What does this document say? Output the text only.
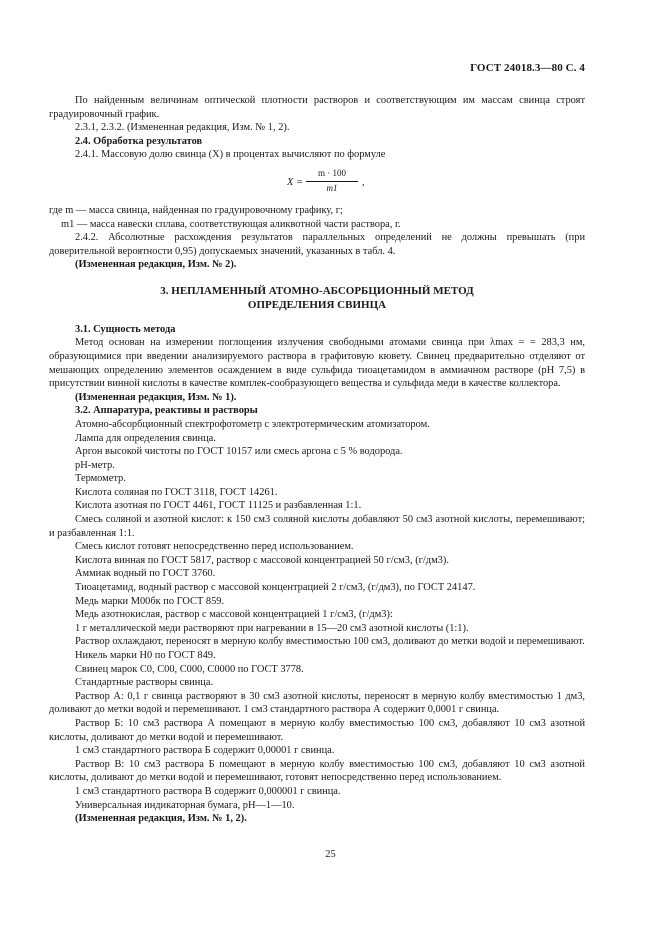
ГОСТ 24018.3—80 С. 4

По найденным величинам оптической плотности растворов и соответствующим им массам свинца строят градуировочный график.

2.3.1, 2.3.2. (Измененная редакция, Изм. № 1, 2).

2.4. Обработка результатов

2.4.1. Массовую долю свинца (X) в процентах вычисляют по формуле

X =
m · 100
m1	,

где m — масса свинца, найденная по градуировочному графику, г;

m1 — масса навески сплава, соответствующая аликвотной части раствора, г.

2.4.2. Абсолютные расхождения результатов параллельных определений не должны превышать (при доверительной вероятности 0,95) допускаемых значений, указанных в табл. 4.

(Измененная редакция, Изм. № 2).

3. НЕПЛАМЕННЫЙ АТОМНО-АБСОРБЦИОННЫЙ МЕТОД
ОПРЕДЕЛЕНИЯ СВИНЦА

3.1. Сущность метода

Метод основан на измерении поглощения излучения свободными атомами свинца при λmax = = 283,3 нм, образующимися при введении анализируемого раствора в графитовую кювету. Свинец предварительно отделяют от мешающих определению элементов осаждением в виде сульфида тиоацетамидом в аммиачном растворе (pH 7,5) в присутствии винной кислоты в качестве комплек-сообразующего вещества и сульфида меди в качестве коллектора.

(Измененная редакция, Изм. № 1).

3.2. Аппаратура, реактивы и растворы

Атомно-абсорбционный спектрофотометр с электротермическим атомизатором.

Лампа для определения свинца.

Аргон высокой чистоты по ГОСТ 10157 или смесь аргона с 5 % водорода.

pH-метр.

Термометр.

Кислота соляная по ГОСТ 3118, ГОСТ 14261.

Кислота азотная по ГОСТ 4461, ГОСТ 11125 и разбавленная 1:1.

Смесь соляной и азотной кислот: к 150 см3 соляной кислоты добавляют 50 см3 азотной кислоты, перемешивают; и разбавленная 1:1.

Смесь кислот готовят непосредственно перед использованием.

Кислота винная по ГОСТ 5817, раствор с массовой концентрацией 50 г/см3, (г/дм3).

Аммиак водный по ГОСТ 3760.

Тиоацетамид, водный раствор с массовой концентрацией 2 г/см3, (г/дм3), по ГОСТ 24147.

Медь марки М00бк по ГОСТ 859.

Медь азотнокислая, раствор с массовой концентрацией 1 г/см3, (г/дм3):

1 г металлической меди растворяют при нагревании в 15—20 см3 азотной кислоты (1:1).

Раствор охлаждают, переносят в мерную колбу вместимостью 100 см3, доливают до метки водой и перемешивают.

Никель марки Н0 по ГОСТ 849.

Свинец марок С0, С00, С000, С0000 по ГОСТ 3778.

Стандартные растворы свинца.

Раствор А: 0,1 г свинца растворяют в 30 см3 азотной кислоты, переносят в мерную колбу вместимостью 1 дм3, доливают до метки водой и перемешивают. 1 см3 стандартного раствора А содержит 0,0001 г свинца.

Раствор Б: 10 см3 раствора А помещают в мерную колбу вместимостью 100 см3, добавляют 10 см3 азотной кислоты, доливают до метки водой и перемешивают.

1 см3 стандартного раствора Б содержит 0,00001 г свинца.

Раствор В: 10 см3 раствора Б помещают в мерную колбу вместимостью 100 см3, добавляют 10 см3 азотной кислоты, доливают до метки водой и перемешивают, готовят непосредственно перед использованием.

1 см3 стандартного раствора В содержит 0,000001 г свинца.

Универсальная индикаторная бумага, pH—1—10.

(Измененная редакция, Изм. № 1, 2).

25
